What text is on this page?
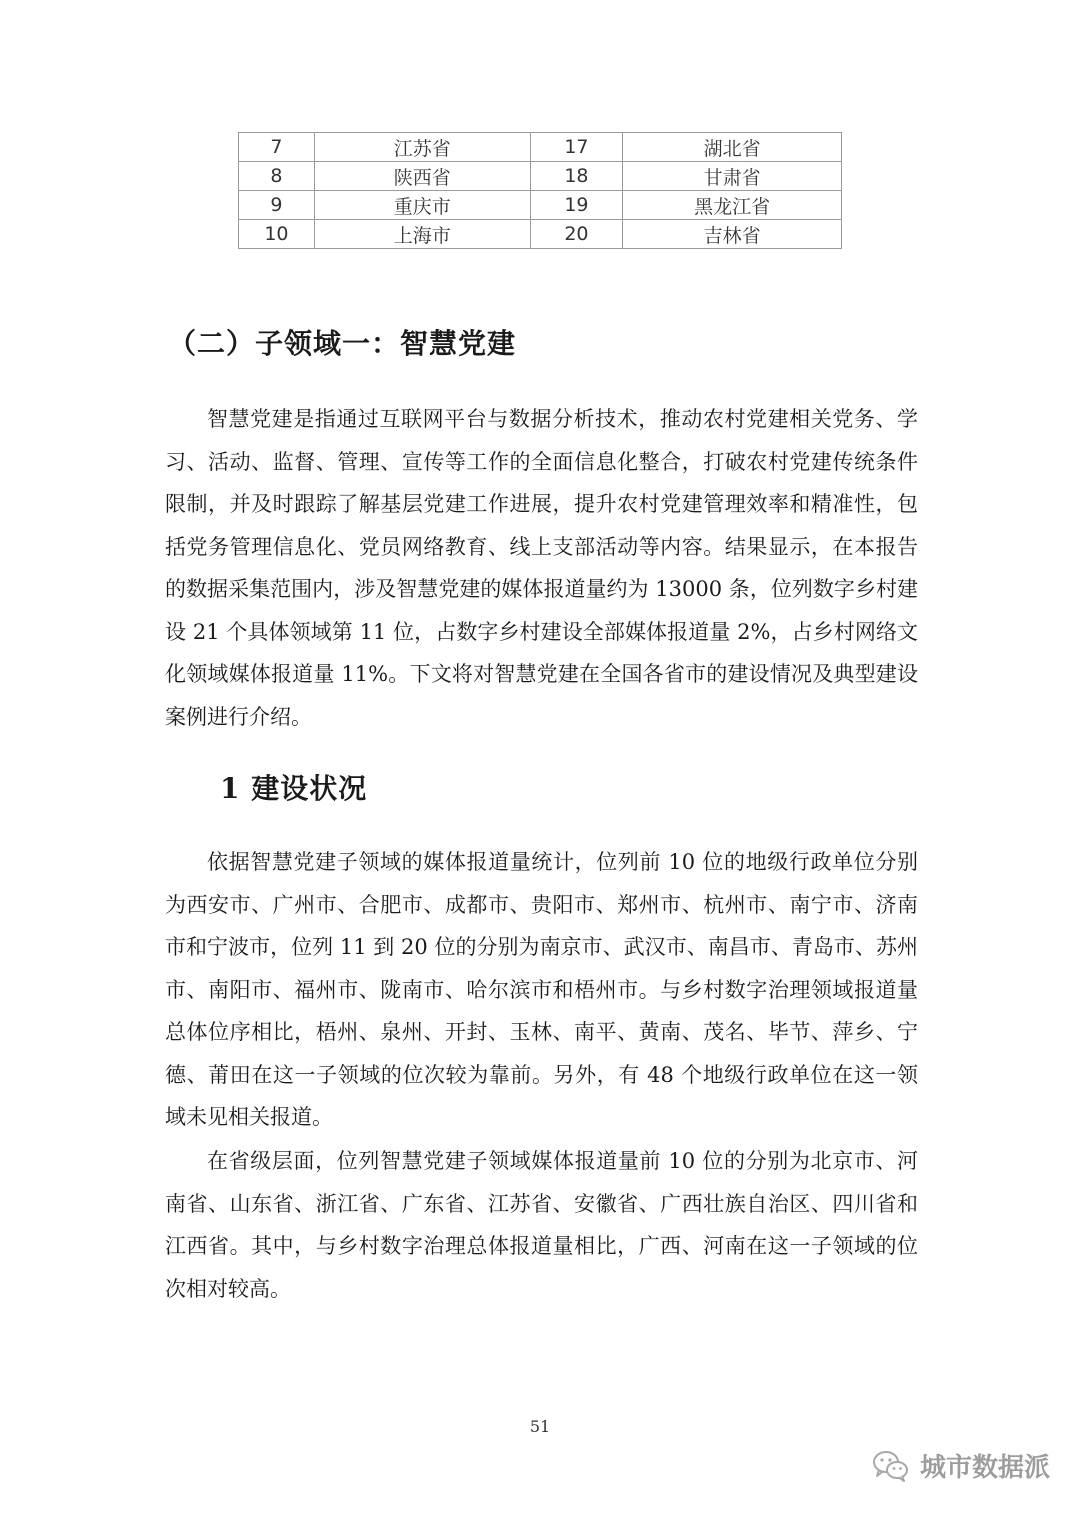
7	江苏省	17	湖北省
8	陕西省	18	甘肃省
9	重庆市	19	黑龙江省
10	上海市	20	吉林省
（二）子领域一：智慧党建

智慧党建是指通过互联网平台与数据分析技术，推动农村党建相关党务、学习、活动、监督、管理、宣传等工作的全面信息化整合，打破农村党建传统条件限制，并及时跟踪了解基层党建工作进展，提升农村党建管理效率和精准性，包括党务管理信息化、党员网络教育、线上支部活动等内容。结果显示，在本报告的数据采集范围内，涉及智慧党建的媒体报道量约为 13000 条，位列数字乡村建设 21 个具体领域第 11 位，占数字乡村建设全部媒体报道量 2%，占乡村网络文化领域媒体报道量 11%。下文将对智慧党建在全国各省市的建设情况及典型建设案例进行介绍。

1 建设状况

依据智慧党建子领域的媒体报道量统计，位列前 10 位的地级行政单位分别为西安市、广州市、合肥市、成都市、贵阳市、郑州市、杭州市、南宁市、济南市和宁波市，位列 11 到 20 位的分别为南京市、武汉市、南昌市、青岛市、苏州市、南阳市、福州市、陇南市、哈尔滨市和梧州市。与乡村数字治理领域报道量总体位序相比，梧州、泉州、开封、玉林、南平、黄南、茂名、毕节、萍乡、宁德、莆田在这一子领域的位次较为靠前。另外，有 48 个地级行政单位在这一领域未见相关报道。

在省级层面，位列智慧党建子领域媒体报道量前 10 位的分别为北京市、河南省、山东省、浙江省、广东省、江苏省、安徽省、广西壮族自治区、四川省和江西省。其中，与乡村数字治理总体报道量相比，广西、河南在这一子领域的位次相对较高。

51
城市数据派
